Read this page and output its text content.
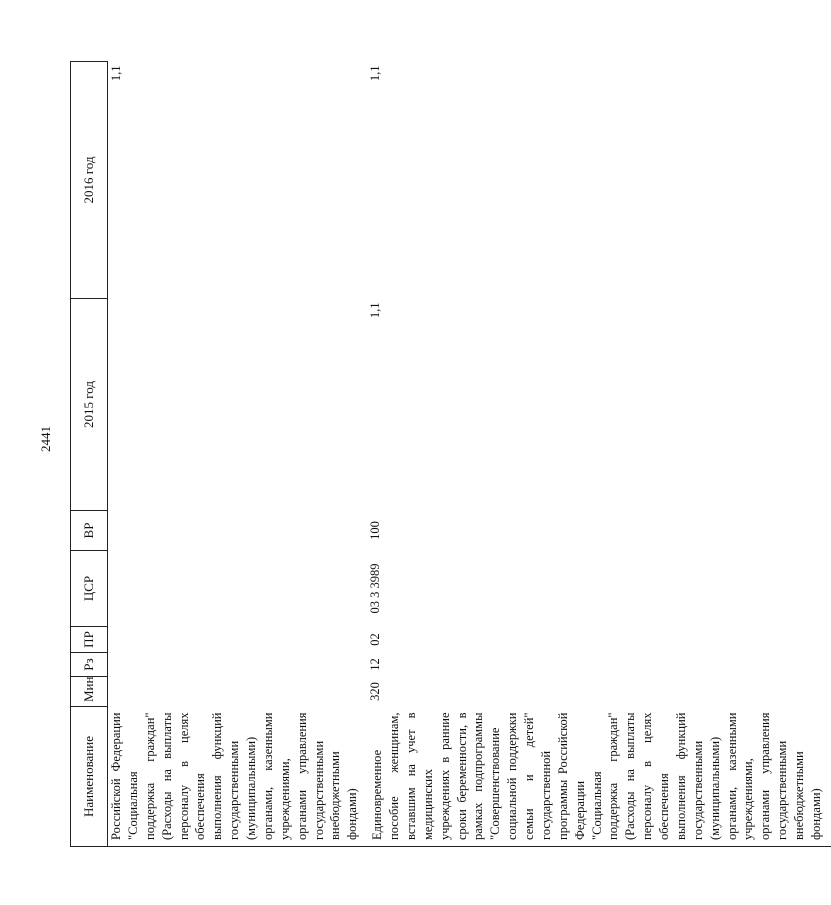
2441
Наименование	Мин	Рз	ПР	ЦСР	ВР	2015 год	2016 год
Российской Федерации "Социальная поддержка граждан" (Расходы на выплаты персоналу в целях обеспечения выполнения функций государственными (муниципальными) органами, казенными учреждениями, органами управления государственными внебюджетными фондами)							1,1
Единовременное пособие женщинам, вставшим на учет в медицинских учреждениях в ранние сроки беременности, в рамках подпрограммы "Совершенствование социальной поддержки семьи и детей" государственной программы Российской Федерации "Социальная поддержка граждан" (Расходы на выплаты персоналу в целях обеспечения выполнения функций государственными (муниципальными) органами, казенными учреждениями, органами управления государственными внебюджетными фондами)	320	12	02	03 3 3989	100	1,1	1,1
